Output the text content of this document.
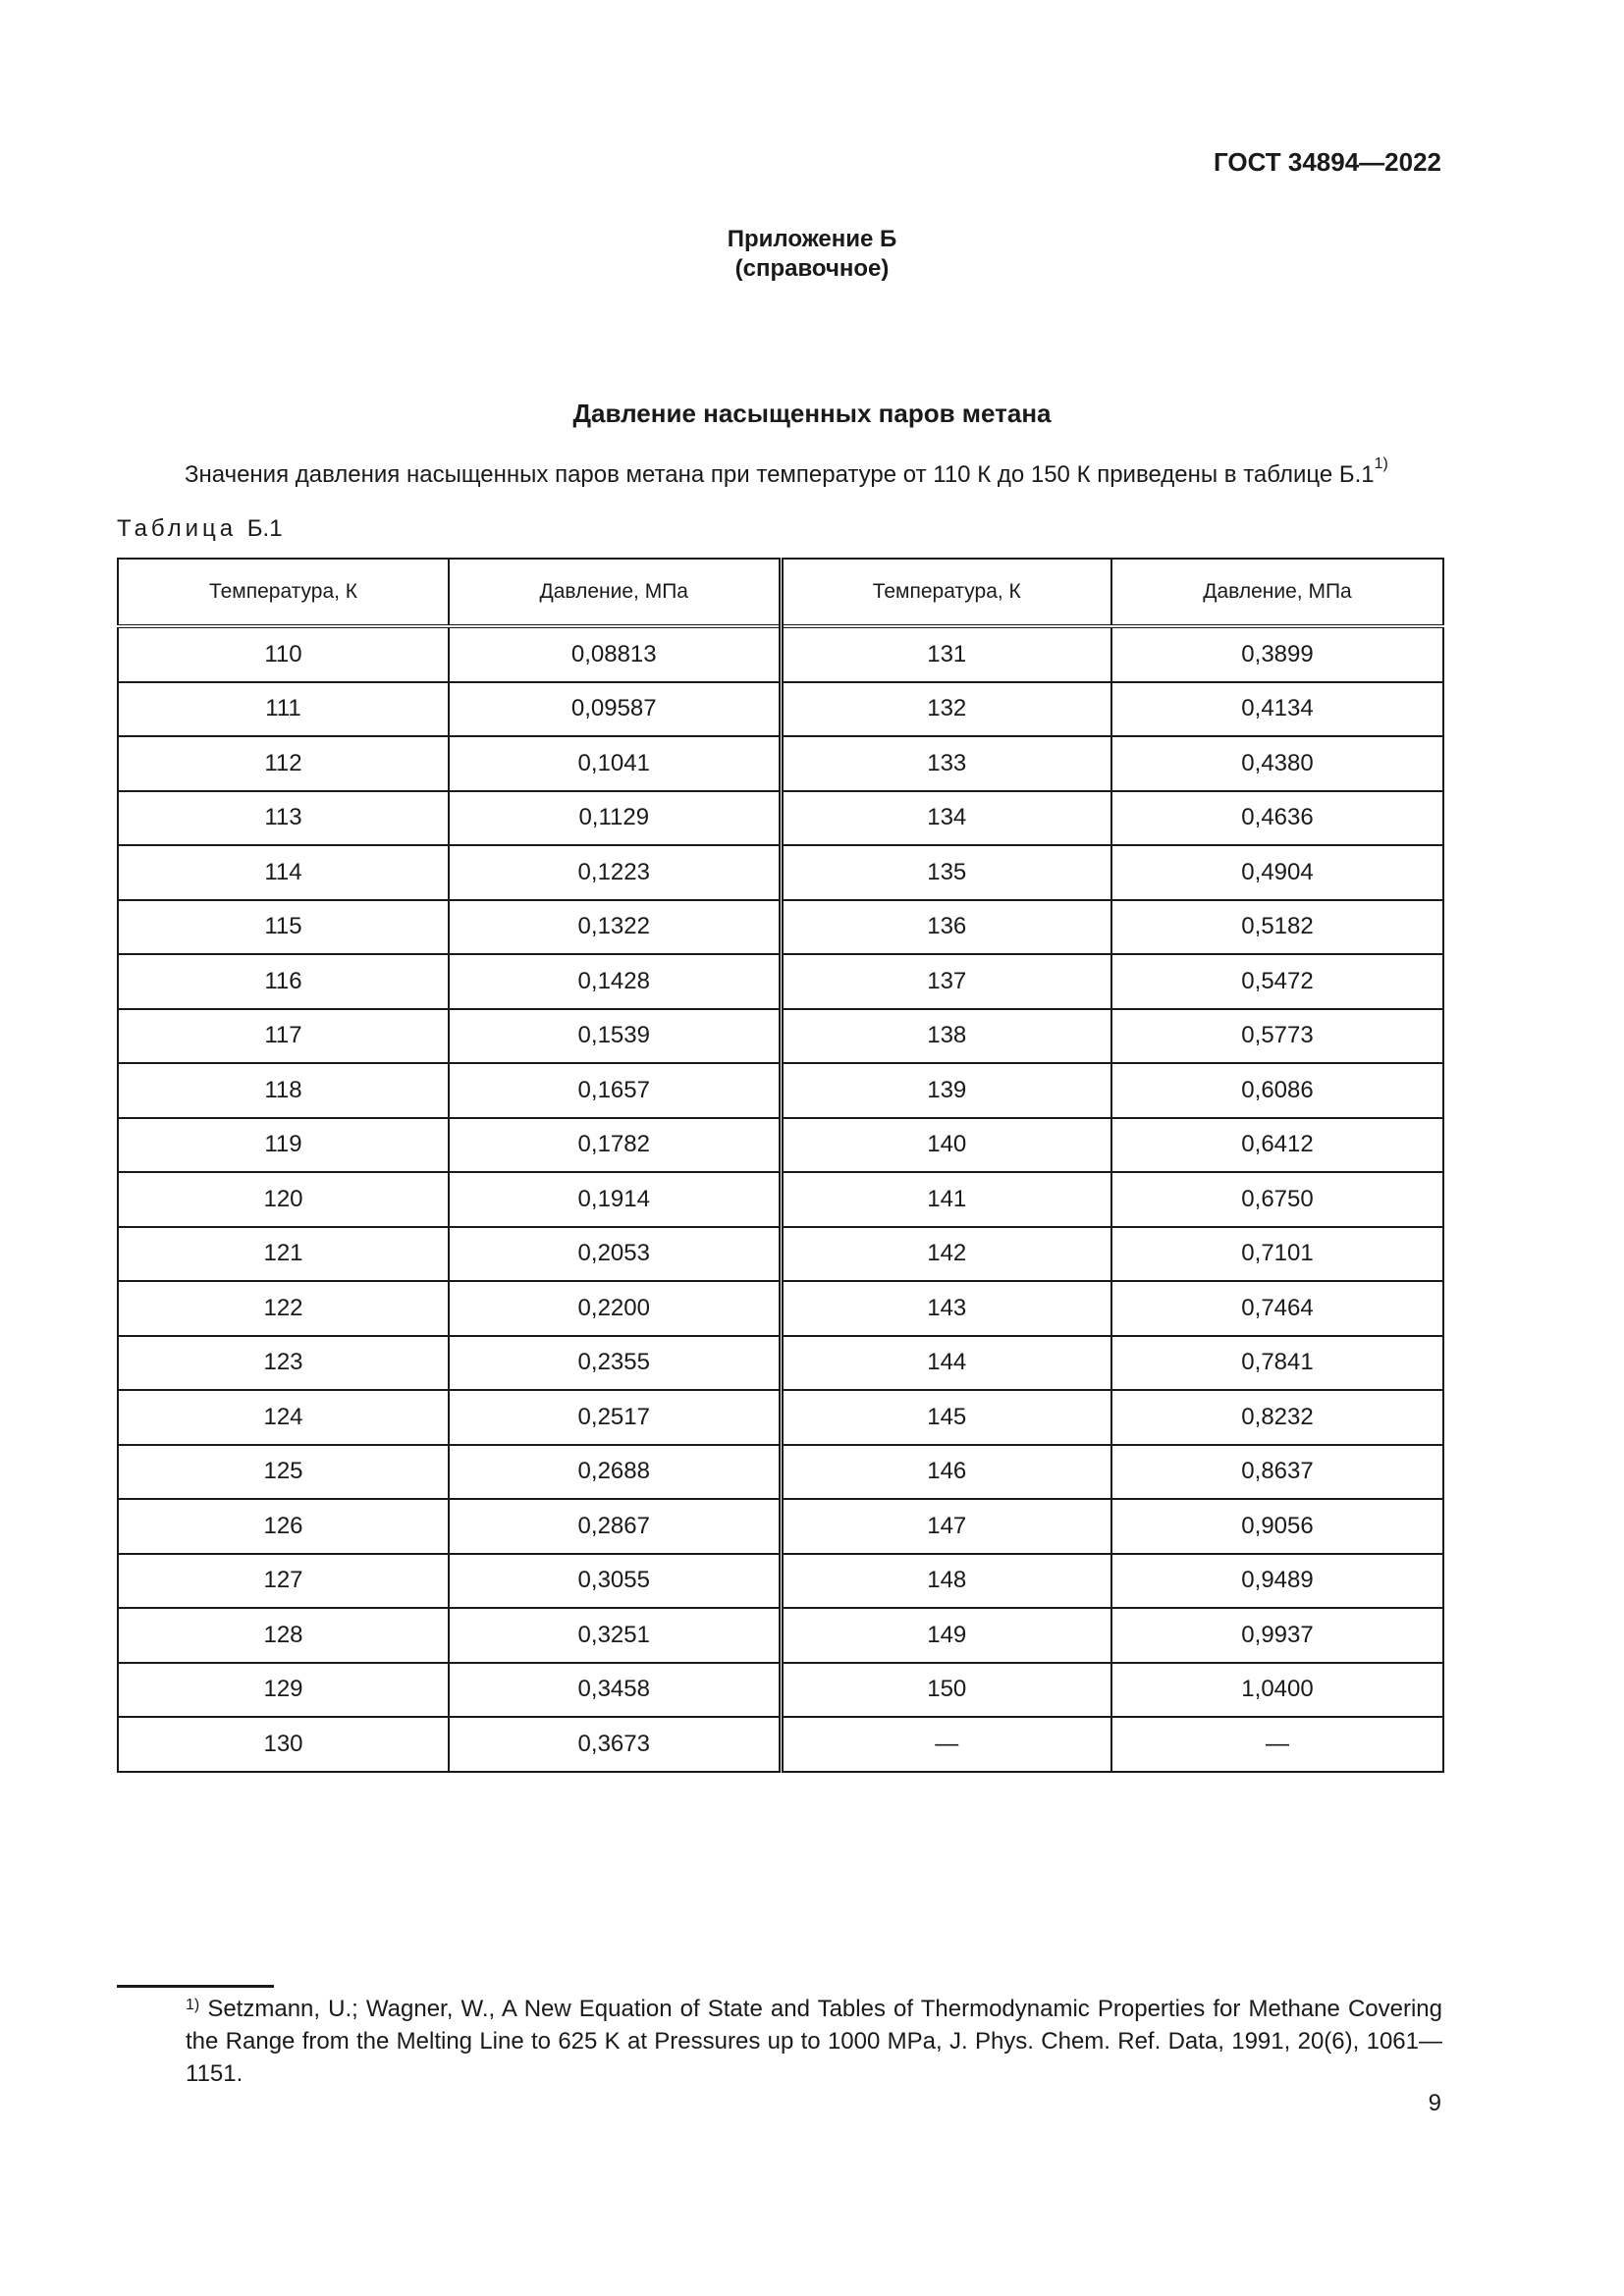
ГОСТ 34894—2022
Приложение Б
(справочное)
Давление насыщенных паров метана
Значения давления насыщенных паров метана при температуре от 110 К до 150 К приведены в таблице Б.1$^{1)}$
Таблица Б.1
Температура, К	Давление, МПа	Температура, К	Давление, МПа
110	0,08813	131	0,3899
111	0,09587	132	0,4134
112	0,1041	133	0,4380
113	0,1129	134	0,4636
114	0,1223	135	0,4904
115	0,1322	136	0,5182
116	0,1428	137	0,5472
117	0,1539	138	0,5773
118	0,1657	139	0,6086
119	0,1782	140	0,6412
120	0,1914	141	0,6750
121	0,2053	142	0,7101
122	0,2200	143	0,7464
123	0,2355	144	0,7841
124	0,2517	145	0,8232
125	0,2688	146	0,8637
126	0,2867	147	0,9056
127	0,3055	148	0,9489
128	0,3251	149	0,9937
129	0,3458	150	1,0400
130	0,3673	—	—
$^{1)}$ Setzmann, U.; Wagner, W., A New Equation of State and Tables of Thermodynamic Properties for Methane Covering the Range from the Melting Line to 625 K at Pressures up to 1000 MPa, J. Phys. Chem. Ref. Data, 1991, 20(6), 1061—1151.
9
